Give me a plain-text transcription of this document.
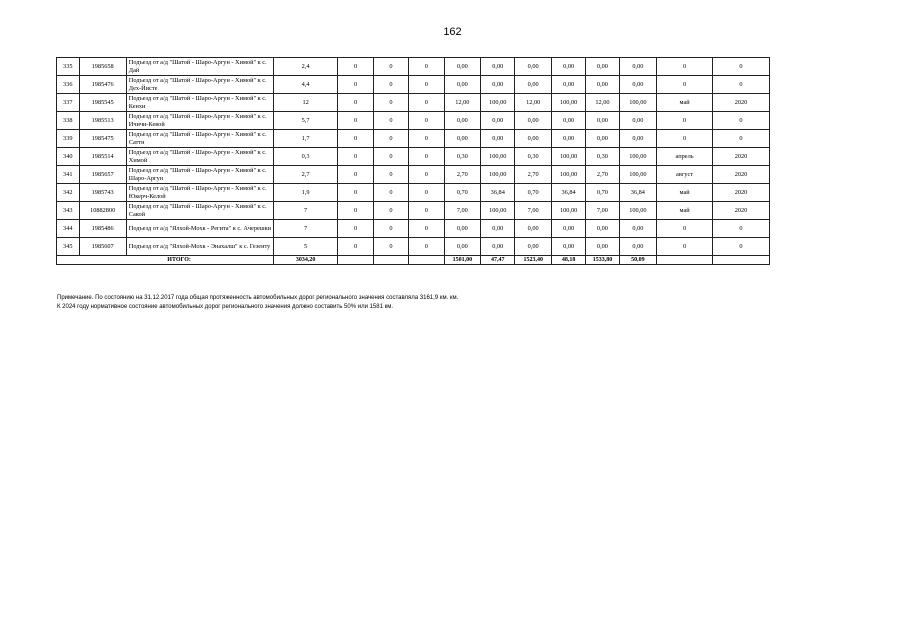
162
335	1985658	Подъезд от а/д "Шатой - Шаро-Аргун - Химой" к с. Дай	2,4	0	0	0	0,00	0,00	0,00	0,00	0,00	0,00	0	0
336	1985476	Подъезд от а/д "Шатой - Шаро-Аргун - Химой" к с. Дех-Йисте	4,4	0	0	0	0,00	0,00	0,00	0,00	0,00	0,00	0	0
337	1985545	Подъезд от а/д "Шатой - Шаро-Аргун - Химой" к с. Кенхи	12	0	0	0	12,00	100,00	12,00	100,00	12,00	100,00	май	2020
338	1985513	Подъезд от а/д "Шатой - Шаро-Аргун - Химой" к с. Ичичи-Кевой	5,7	0	0	0	0,00	0,00	0,00	0,00	0,00	0,00	0	0
339	1985475	Подъезд от а/д "Шатой - Шаро-Аргун - Химой" к с. Саттн	1,7	0	0	0	0,00	0,00	0,00	0,00	0,00	0,00	0	0
340	1985514	Подъезд от а/д "Шатой - Шаро-Аргун - Химой" к с. Химой	0,3	0	0	0	0,30	100,00	0,30	100,00	0,30	100,00	апрель	2020
341	1985657	Подъезд от а/д "Шатой - Шаро-Аргун - Химой" к с. Шаро-Аргун	2,7	0	0	0	2,70	100,00	2,70	100,00	2,70	100,00	август	2020
342	1985743	Подъезд от а/д "Шатой - Шаро-Аргун - Химой" к с. Юкерч-Келой	1,9	0	0	0	0,70	36,84	0,70	36,84	0,70	36,84	май	2020
343	10882800	Подъезд от а/д "Шатой - Шаро-Аргун - Химой" к с. Сакой	7	0	0	0	7,00	100,00	7,00	100,00	7,00	100,00	май	2020
344	1985486	Подъезд от а/д "Ялхой-Мохк - Регита" к с. Ачерешки	7	0	0	0	0,00	0,00	0,00	0,00	0,00	0,00	0	0
345	1985607	Подъезд от а/д "Ялхой-Мохк - Энахалш" к с. Гезенту	5	0	0	0	0,00	0,00	0,00	0,00	0,00	0,00	0	0
ИТОГО:			3034,20				1501,00	47,47	1523,40	48,18	1533,80	50,09		
Примечание. По состоянию на 31.12.2017 года общая протяженность автомобильных дорог регионального значения составляла 3161,9 км. км.
К 2024 году нормативное состояние автомобильных дорог регионального значения должно составить 50% или 1581 км.
